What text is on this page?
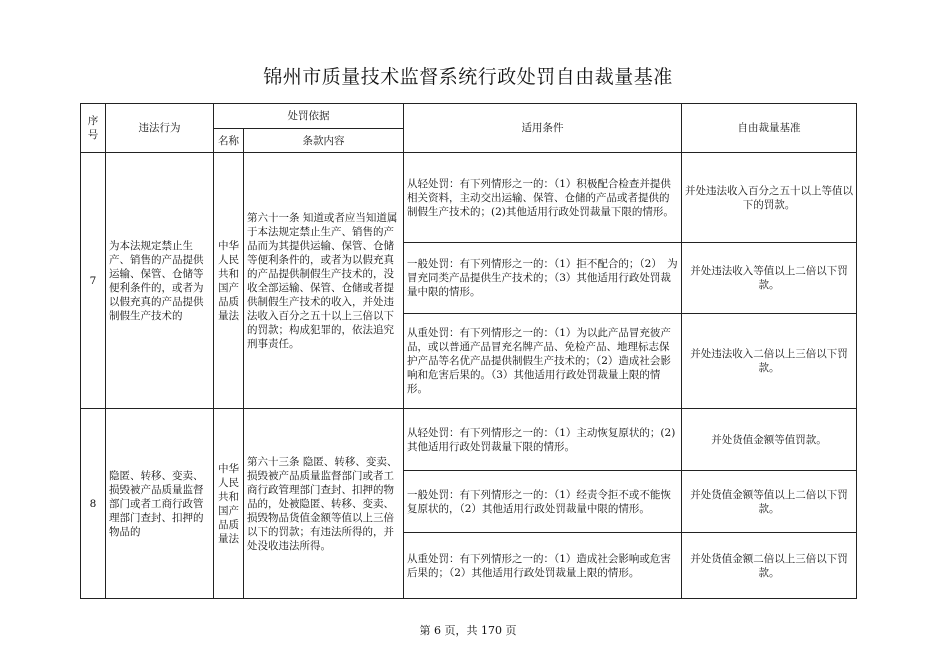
锦州市质量技术监督系统行政处罚自由裁量基准
序号	违法行为	处罚依据		适用条件	自由裁量基准
		名称	条款内容		
7	为本法规定禁止生产、销售的产品提供运输、保管、仓储等便利条件的，或者为以假充真的产品提供制假生产技术的	中华人民共和国产品质量法	第六十一条 知道或者应当知道属于本法规定禁止生产、销售的产品而为其提供运输、保管、仓储等便利条件的，或者为以假充真的产品提供制假生产技术的，没收全部运输、保管、仓储或者提供制假生产技术的收入，并处违法收入百分之五十以上三倍以下的罚款；构成犯罪的，依法追究刑事责任。	从轻处罚：有下列情形之一的：（1）积极配合检查并提供相关资料，主动交出运输、保管、仓储的产品或者提供的制假生产技术的；(2)其他适用行政处罚裁量下限的情形。	并处违法收入百分之五十以上等值以下的罚款。
				一般处罚：有下列情形之一的：（1）拒不配合的；（2）　为冒充同类产品提供生产技术的；（3）其他适用行政处罚裁量中限的情形。	并处违法收入等值以上二倍以下罚款。
				从重处罚：有下列情形之一的：（1）为以此产品冒充彼产品，或以普通产品冒充名牌产品、免检产品、地理标志保护产品等名优产品提供制假生产技术的；（2）造成社会影响和危害后果的。（3）其他适用行政处罚裁量上限的情形。	并处违法收入二倍以上三倍以下罚款。
8	隐匿、转移、变卖、损毁被产品质量监督部门或者工商行政管理部门查封、扣押的物品的	中华人民共和国产品质量法	第六十三条 隐匿、转移、变卖、损毁被产品质量监督部门或者工商行政管理部门查封、扣押的物品的，处被隐匿、转移、变卖、损毁物品货值金额等值以上三倍以下的罚款；有违法所得的，并处没收违法所得。	从轻处罚：有下列情形之一的：（1）主动恢复原状的；(2)其他适用行政处罚裁量下限的情形。	并处货值金额等值罚款。
				一般处罚：有下列情形之一的：（1）经责令拒不或不能恢复原状的，（2）其他适用行政处罚裁量中限的情形。	并处货值金额等值以上二倍以下罚款。
				从重处罚：有下列情形之一的：（1）造成社会影响或危害后果的；（2）其他适用行政处罚裁量上限的情形。	并处货值金额二倍以上三倍以下罚款。
第 6 页，共 170 页
